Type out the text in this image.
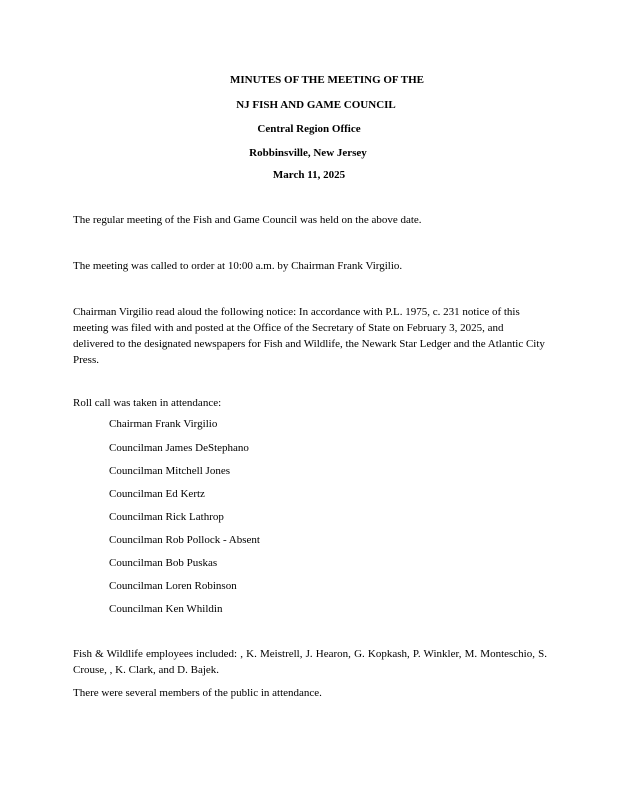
MINUTES OF THE MEETING OF THE
NJ FISH AND GAME COUNCIL
Central Region Office
Robbinsville, New Jersey
March 11, 2025

The regular meeting of the Fish and Game Council was held on the above date.

The meeting was called to order at 10:00 a.m. by Chairman Frank Virgilio.

Chairman Virgilio read aloud the following notice: In accordance with P.L. 1975, c. 231 notice of this meeting was filed with and posted at the Office of the Secretary of State on February 3, 2025, and delivered to the designated newspapers for Fish and Wildlife, the Newark Star Ledger and the Atlantic City Press.

Roll call was taken in attendance:

Chairman Frank Virgilio
Councilman James DeStephano
Councilman Mitchell Jones
Councilman Ed Kertz
Councilman Rick Lathrop
Councilman Rob Pollock - Absent
Councilman Bob Puskas
Councilman Loren Robinson
Councilman Ken Whildin

Fish & Wildlife employees included: , K. Meistrell, J. Hearon, G. Kopkash, P. Winkler, M. Monteschio, S. Crouse, , K. Clark, and D. Bajek.

There were several members of the public in attendance.
